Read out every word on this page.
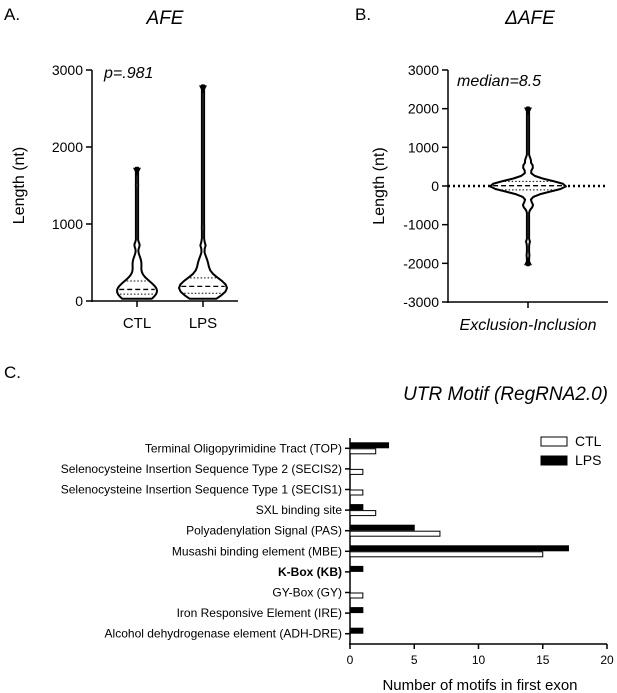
A.	B.
C.
AFE
0
1000
2000
3000
Length (nt)
CTL	LPS
p=.981
ΔAFE
-3000
-2000
-1000
0
1000
2000
3000
Length (nt)
Exclusion-Inclusion
median=8.5
UTR Motif (RegRNA2.0)
0	5	10	15	20
Number of motifs in first exon
Terminal Oligopyrimidine Tract (TOP)
Selenocysteine Insertion Sequence Type 2 (SECIS2)
Selenocysteine Insertion Sequence Type 1 (SECIS1)
SXL binding site
Polyadenylation Signal (PAS)
Musashi binding element (MBE)
K-Box (KB)
GY-Box (GY)
Iron Responsive Element (IRE)
Alcohol dehydrogenase element (ADH-DRE)
CTL
LPS
